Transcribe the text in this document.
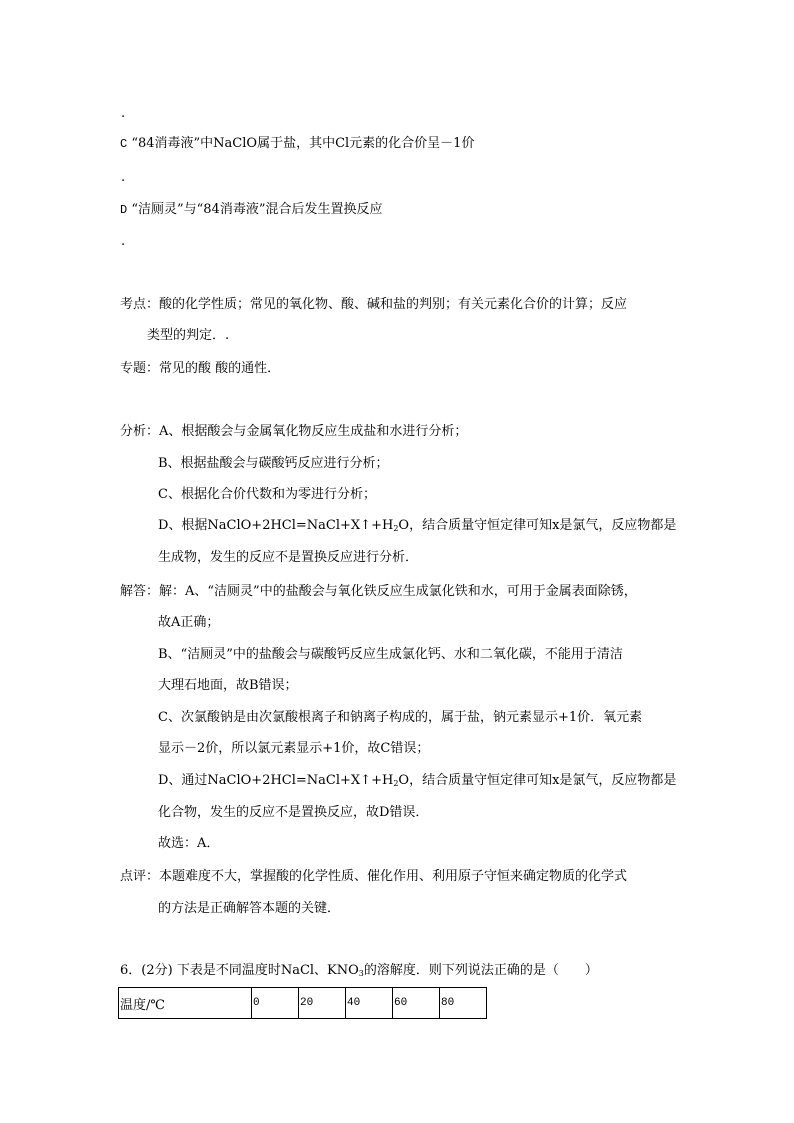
.
C “84消毒液”中NaClO属于盐，其中Cl元素的化合价呈－1价
.
D “洁厕灵”与“84消毒液”混合后发生置换反应
.
考点：酸的化学性质；常见的氧化物、酸、碱和盐的判别；有关元素化合价的计算；反应
类型的判定．.
专题：常见的酸 酸的通性．
分析：A、根据酸会与金属氧化物反应生成盐和水进行分析；
B、根据盐酸会与碳酸钙反应进行分析；
C、根据化合价代数和为零进行分析；
D、根据$NaClO+2HCl=NaCl+X↑+H_2O$，结合质量守恒定律可知x是氯气，反应物都是
生成物，发生的反应不是置换反应进行分析．
解答：解：A、“洁厕灵”中的盐酸会与氧化铁反应生成氯化铁和水，可用于金属表面除锈，
故A正确；
B、“洁厕灵”中的盐酸会与碳酸钙反应生成氯化钙、水和二氧化碳，不能用于清洁
大理石地面，故B错误；
C、次氯酸钠是由次氯酸根离子和钠离子构成的，属于盐，钠元素显示+1价．氧元素
显示－2价，所以氯元素显示+1价，故C错误；
D、通过$NaClO+2HCl=NaCl+X↑+H_2O$，结合质量守恒定律可知x是氯气，反应物都是
化合物，发生的反应不是置换反应，故D错误．
故选：A．
点评：本题难度不大，掌握酸的化学性质、催化作用、利用原子守恒来确定物质的化学式
的方法是正确解答本题的关键．
6．(2分) 下表是不同温度时NaCl、$KNO_3$的溶解度．则下列说法正确的是（　　）
温度/℃	0	20	40	60	80
